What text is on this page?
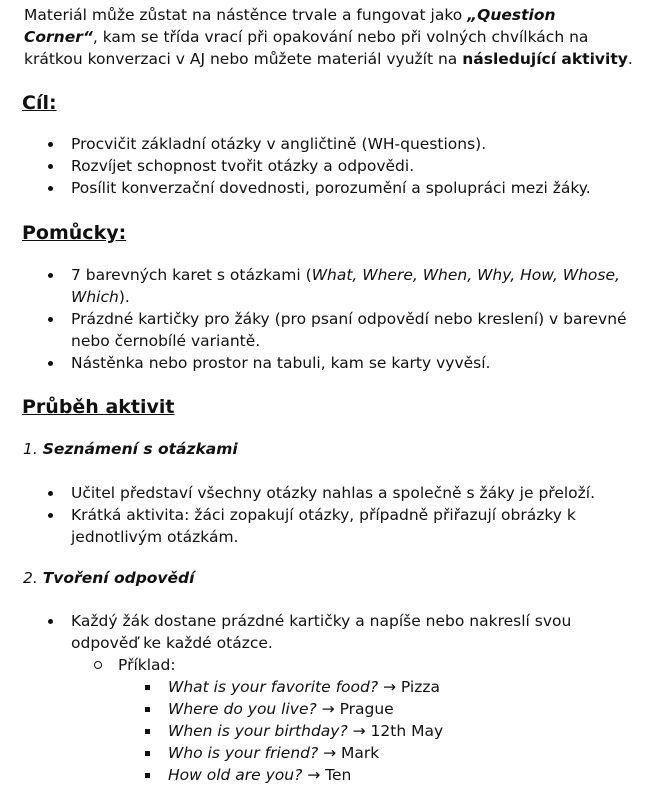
Materiál může zůstat na nástěnce trvale a fungovat jako „Question Corner“, kam se třída vrací při opakování nebo při volných chvílkách na krátkou konverzaci v AJ nebo můžete materiál využít na následující aktivity.
Cíl:
Procvičit základní otázky v angličtině (WH-questions).
Rozvíjet schopnost tvořit otázky a odpovědi.
Posílit konverzační dovednosti, porozumění a spolupráci mezi žáky.
Pomůcky:
7 barevných karet s otázkami (What, Where, When, Why, How, Whose, Which).
Prázdné kartičky pro žáky (pro psaní odpovědí nebo kreslení) v barevné nebo černobílé variantě.
Nástěnka nebo prostor na tabuli, kam se karty vyvěsí.
Průběh aktivit
1. Seznámení s otázkami
Učitel představí všechny otázky nahlas a společně s žáky je přeloží.
Krátká aktivita: žáci zopakují otázky, případně přiřazují obrázky k jednotlivým otázkám.
2. Tvoření odpovědí
Každý žák dostane prázdné kartičky a napíše nebo nakreslí svou odpověď ke každé otázce.
Příklad:
What is your favorite food? → Pizza
Where do you live? → Prague
When is your birthday? → 12th May
Who is your friend? → Mark
How old are you? → Ten
